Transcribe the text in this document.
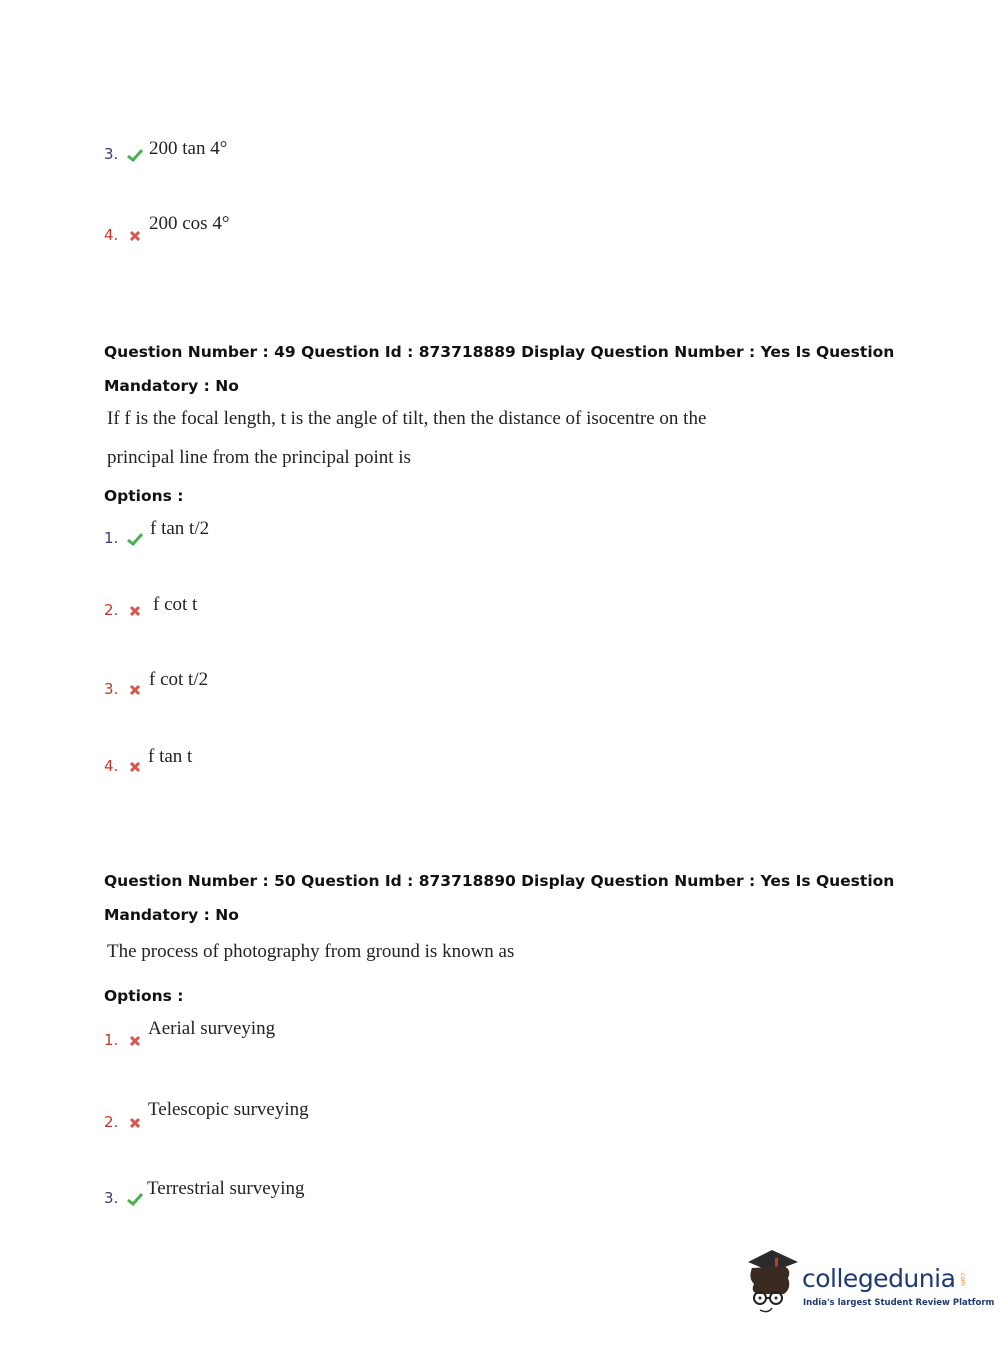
3.	200 tan 4°
4.
200 cos 4°
Question Number : 49 Question Id : 873718889 Display Question Number : Yes Is Question
Mandatory : No
If f is the focal length, t is the angle of tilt, then the distance of isocentre on the
principal line from the principal point is
Options :
1.	f tan t/2
2.	f cot t
3.	f cot t/2
4.	f tan t
Question Number : 50 Question Id : 873718890 Display Question Number : Yes Is Question
Mandatory : No
The process of photography from ground is known as
Options :
1.
Aerial surveying
2.
Telescopic surveying
3.	Terrestrial surveying
collegedunia .com
India's largest Student Review Platform
